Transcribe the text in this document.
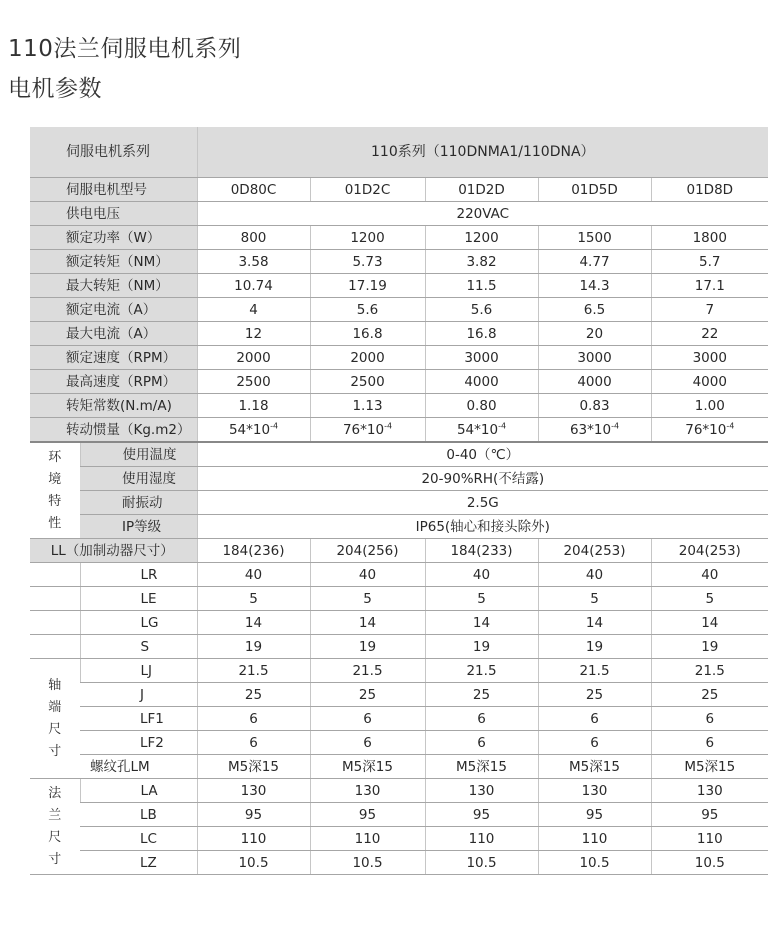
110法兰伺服电机系列
电机参数
伺服电机系列		110系列（110DNMA1/110DNA）				
伺服电机型号		0D80C	01D2C	01D2D	01D5D	01D8D
供电电压		220VAC				
额定功率（W）		800	1200	1200	1500	1800
额定转矩（NM）		3.58	5.73	3.82	4.77	5.7
最大转矩（NM）		10.74	17.19	11.5	14.3	17.1
额定电流（A）		4	5.6	5.6	6.5	7
最大电流（A）		12	16.8	16.8	20	22
额定速度（RPM）		2000	2000	3000	3000	3000
最高速度（RPM）		2500	2500	4000	4000	4000
转矩常数(N.m/A)		1.18	1.13	0.80	0.83	1.00
转动惯量（Kg.m2）		$54*10^{-4}$	$76*10^{-4}$	$54*10^{-4}$	$63*10^{-4}$	$76*10^{-4}$

环
境
特
性	使用温度	0-40（℃）				
	使用湿度	20-90%RH(不结露)				
	耐振动	2.5G				
	IP等级	IP65(轴心和接头除外)				
LL（加制动器尺寸）		184(236)	204(256)	184(233)	204(253)	204(253)
	LR	40	40	40	40	40
	LE	5	5	5	5	5
	LG	14	14	14	14	14
	S	19	19	19	19	19

轴
端
尺
寸	LJ	21.5	21.5	21.5	21.5	21.5
	J	25	25	25	25	25
	LF1	6	6	6	6	6
	LF2	6	6	6	6	6
	螺纹孔LM	M5深15	M5深15	M5深15	M5深15	M5深15

法
兰
尺
寸	LA	130	130	130	130	130
	LB	95	95	95	95	95
	LC	110	110	110	110	110
	LZ	10.5	10.5	10.5	10.5	10.5
